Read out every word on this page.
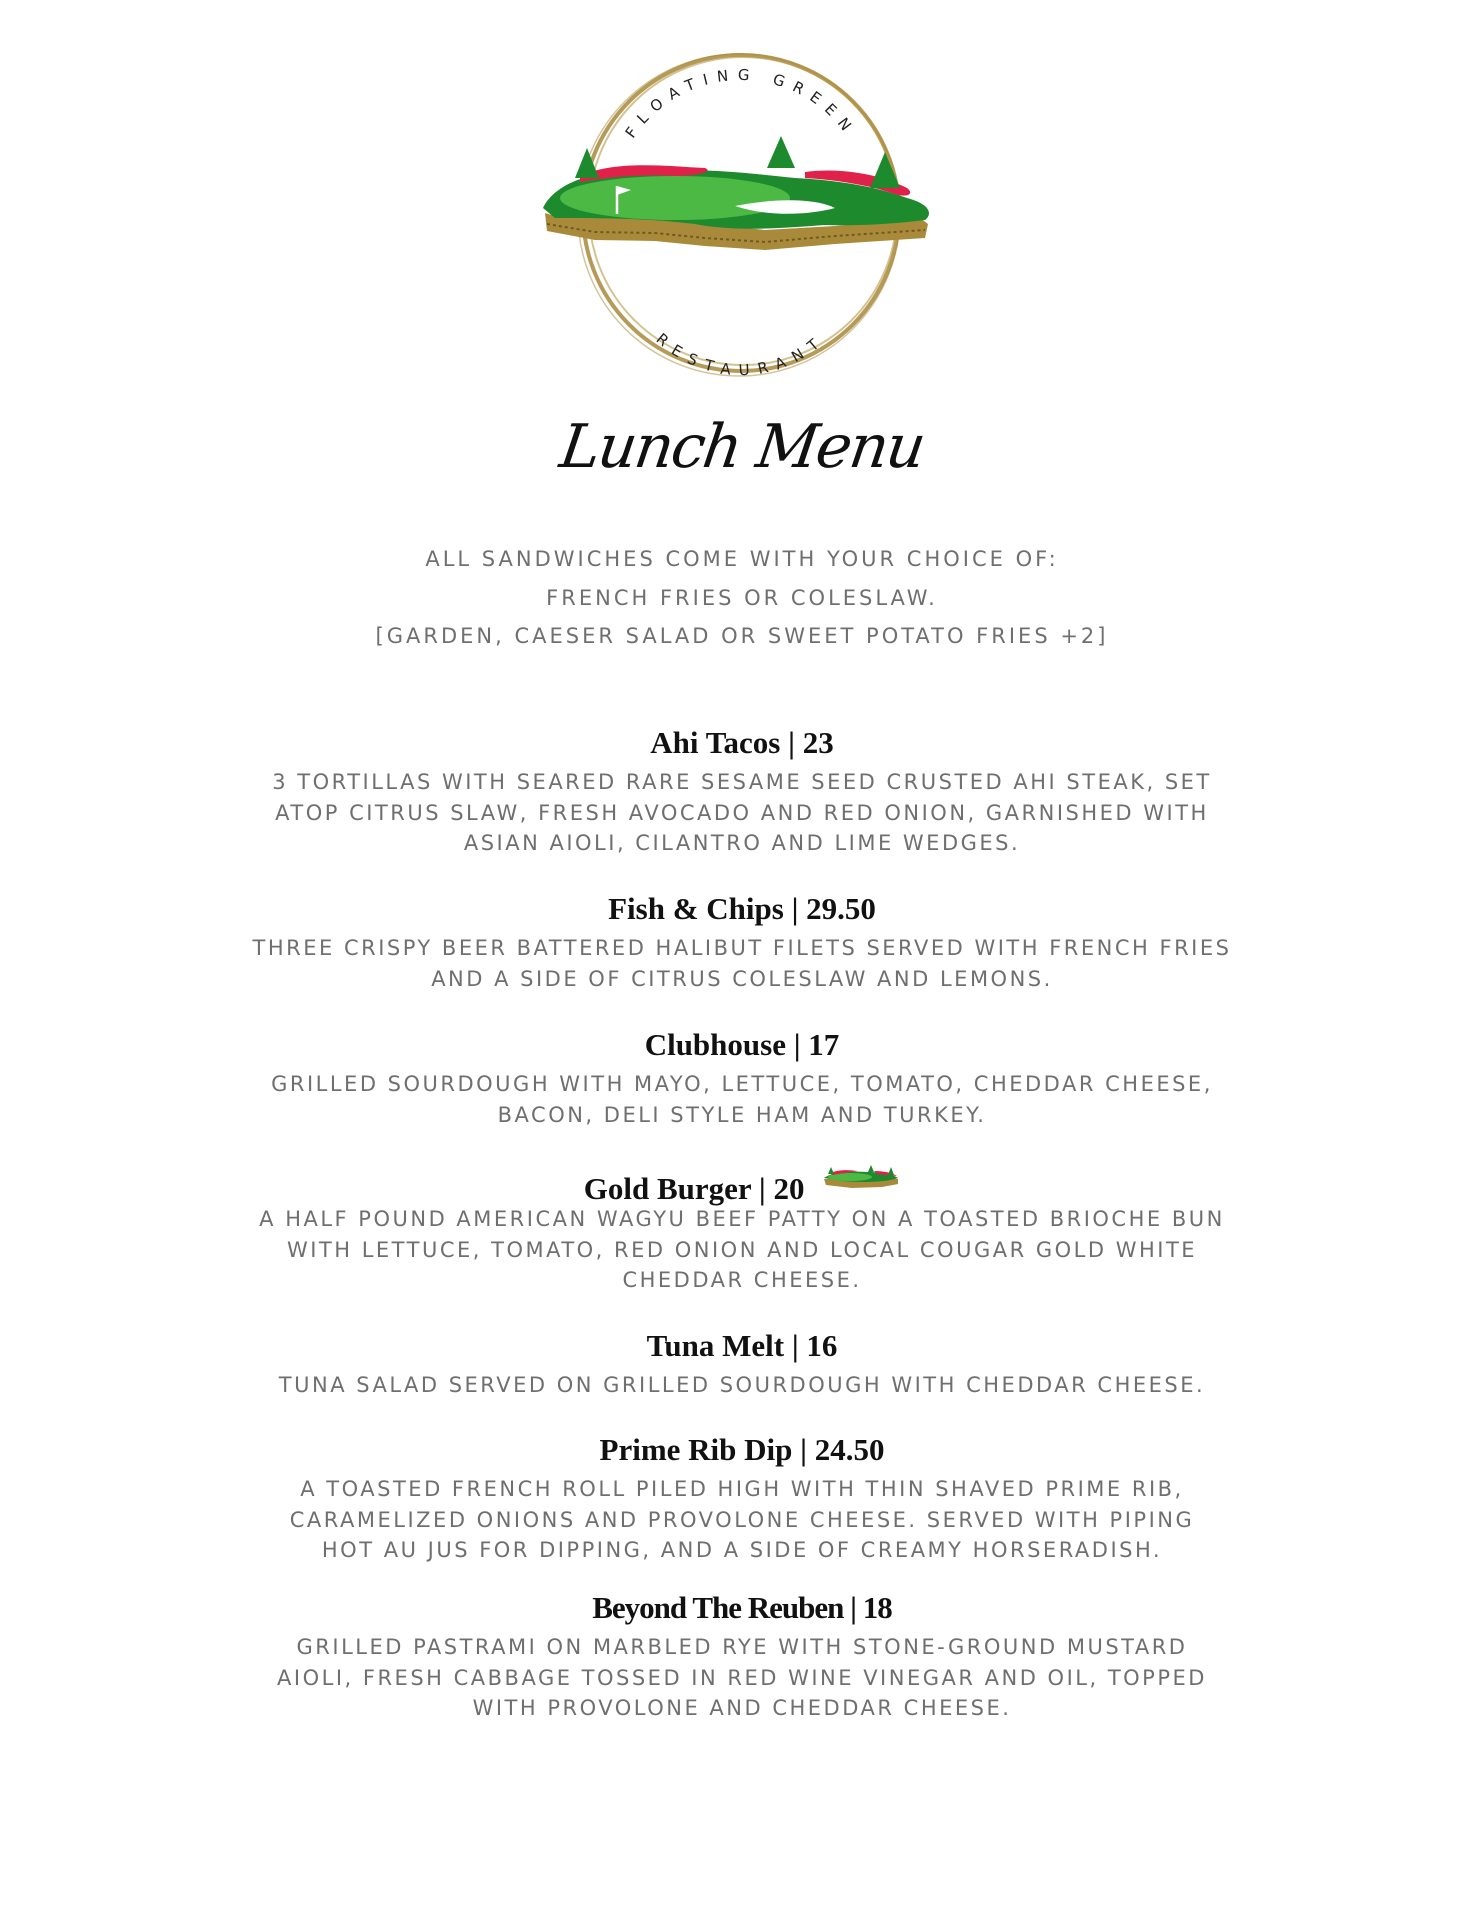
FLOATING GREEN
RESTAURANT
Lunch Menu
ALL SANDWICHES COME WITH YOUR CHOICE OF:
FRENCH FRIES OR COLESLAW.
[GARDEN, CAESER SALAD OR SWEET POTATO FRIES +2]
Ahi Tacos | 23
3 TORTILLAS WITH SEARED RARE SESAME SEED CRUSTED AHI STEAK, SET
ATOP CITRUS SLAW, FRESH AVOCADO AND RED ONION, GARNISHED WITH
ASIAN AIOLI, CILANTRO AND LIME WEDGES.
Fish & Chips | 29.50
THREE CRISPY BEER BATTERED HALIBUT FILETS SERVED WITH FRENCH FRIES
AND A SIDE OF CITRUS COLESLAW AND LEMONS.
Clubhouse | 17
GRILLED SOURDOUGH WITH MAYO, LETTUCE, TOMATO, CHEDDAR CHEESE,
BACON, DELI STYLE HAM AND TURKEY.
Gold Burger | 20
A HALF POUND AMERICAN WAGYU BEEF PATTY ON A TOASTED BRIOCHE BUN
WITH LETTUCE, TOMATO, RED ONION AND LOCAL COUGAR GOLD WHITE
CHEDDAR CHEESE.
Tuna Melt | 16
TUNA SALAD SERVED ON GRILLED SOURDOUGH WITH CHEDDAR CHEESE.
Prime Rib Dip | 24.50
A TOASTED FRENCH ROLL PILED HIGH WITH THIN SHAVED PRIME RIB,
CARAMELIZED ONIONS AND PROVOLONE CHEESE. SERVED WITH PIPING
HOT AU JUS FOR DIPPING, AND A SIDE OF CREAMY HORSERADISH.
Beyond The Reuben | 18
GRILLED PASTRAMI ON MARBLED RYE WITH STONE-GROUND MUSTARD
AIOLI, FRESH CABBAGE TOSSED IN RED WINE VINEGAR AND OIL, TOPPED
WITH PROVOLONE AND CHEDDAR CHEESE.
